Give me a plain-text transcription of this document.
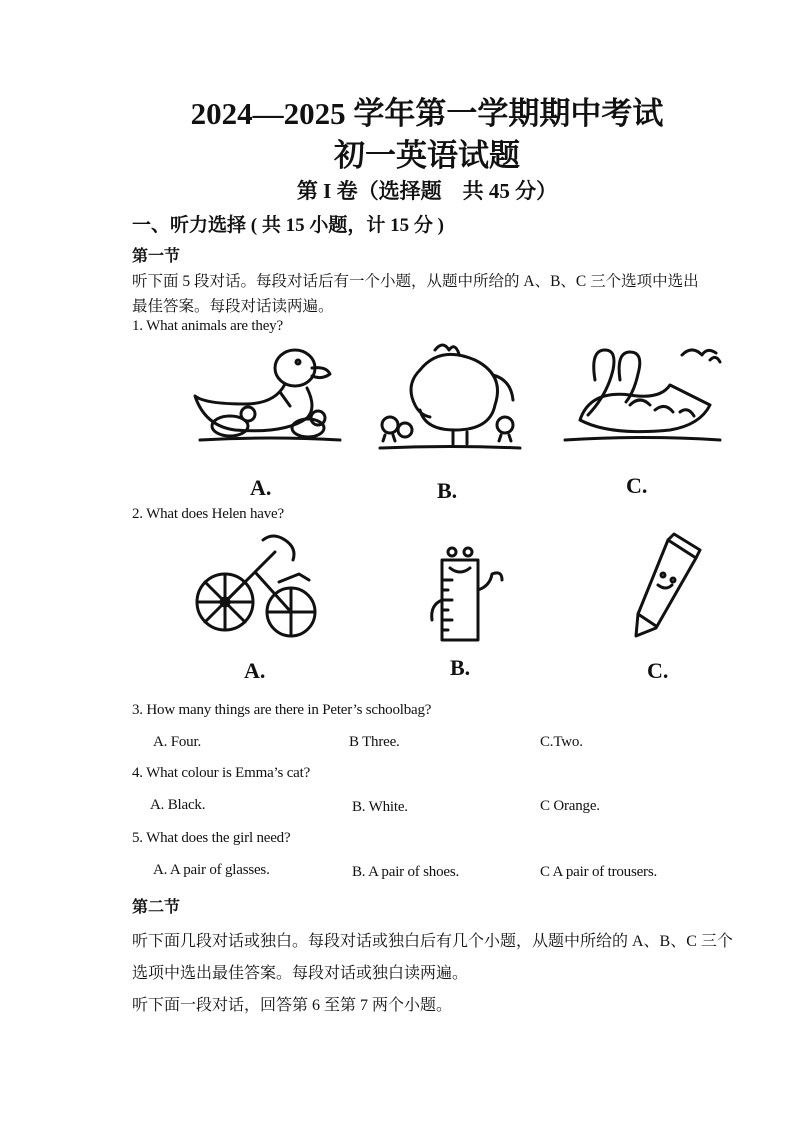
2024—2025 学年第一学期期中考试
初一英语试题
第 I 卷（选择题　共 45 分）
一、听力选择 ( 共 15 小题，计 15 分 )
第一节
听下面 5 段对话。每段对话后有一个小题，从题中所给的 A、B、C 三个选项中选出
最佳答案。每段对话读两遍。
1. What animals are they?
A.	B.	C.
2. What does Helen have?
A.	B.	C.
3. How many things are there in Peter’s schoolbag?
A. Four.	B Three.	C.Two.
4. What colour is Emma’s cat?
A. Black.	B. White.	C Orange.
5. What does the girl need?
A. A pair of glasses.	B. A pair of shoes.	C A pair of trousers.
第二节
听下面几段对话或独白。每段对话或独白后有几个小题，从题中所给的 A、B、C 三个
选项中选出最佳答案。每段对话或独白读两遍。
听下面一段对话，回答第 6 至第 7 两个小题。
